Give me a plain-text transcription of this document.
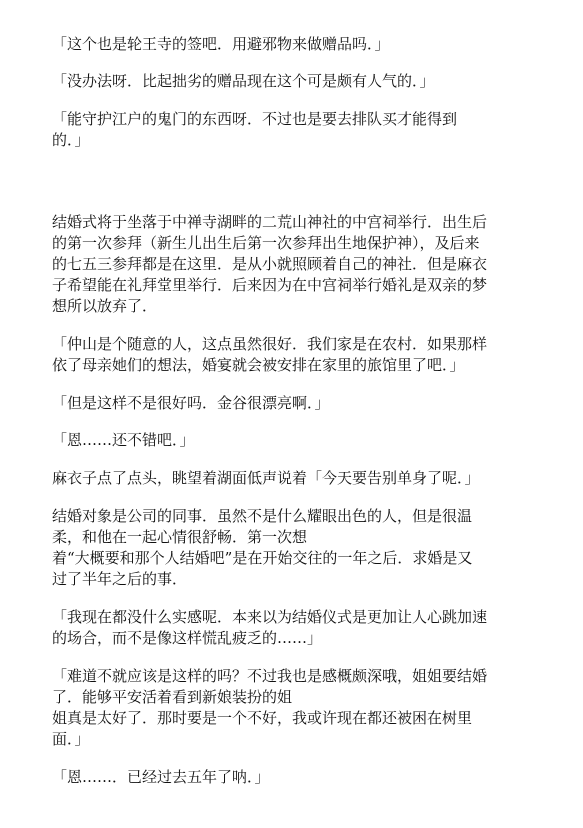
「这个也是轮王寺的签吧．用避邪物来做赠品吗．」

「没办法呀．比起拙劣的赠品现在这个可是颇有人气的．」

「能守护江户的鬼门的东西呀．不过也是要去排队买才能得到
的．」

结婚式将于坐落于中禅寺湖畔的二荒山神社的中宫祠举行．出生后
的第一次参拜（新生儿出生后第一次参拜出生地保护神），及后来
的七五三参拜都是在这里．是从小就照顾着自己的神社．但是麻衣
子希望能在礼拜堂里举行．后来因为在中宫祠举行婚礼是双亲的梦
想所以放弃了．

「仲山是个随意的人，这点虽然很好．我们家是在农村．如果那样
依了母亲她们的想法，婚宴就会被安排在家里的旅馆里了吧．」

「但是这样不是很好吗．金谷很漂亮啊．」

「恩……还不错吧．」

麻衣子点了点头，眺望着湖面低声说着「今天要告别单身了呢．」

结婚对象是公司的同事．虽然不是什么耀眼出色的人，但是很温
柔，和他在一起心情很舒畅．第一次想
着“大概要和那个人结婚吧”是在开始交往的一年之后．求婚是又
过了半年之后的事．

「我现在都没什么实感呢．本来以为结婚仪式是更加让人心跳加速
的场合，而不是像这样慌乱疲乏的……」

「难道不就应该是这样的吗？不过我也是感概颇深哦，姐姐要结婚
了．能够平安活着看到新娘装扮的姐
姐真是太好了．那时要是一个不好，我或许现在都还被困在树里
面．」

「恩……．已经过去五年了呐．」
